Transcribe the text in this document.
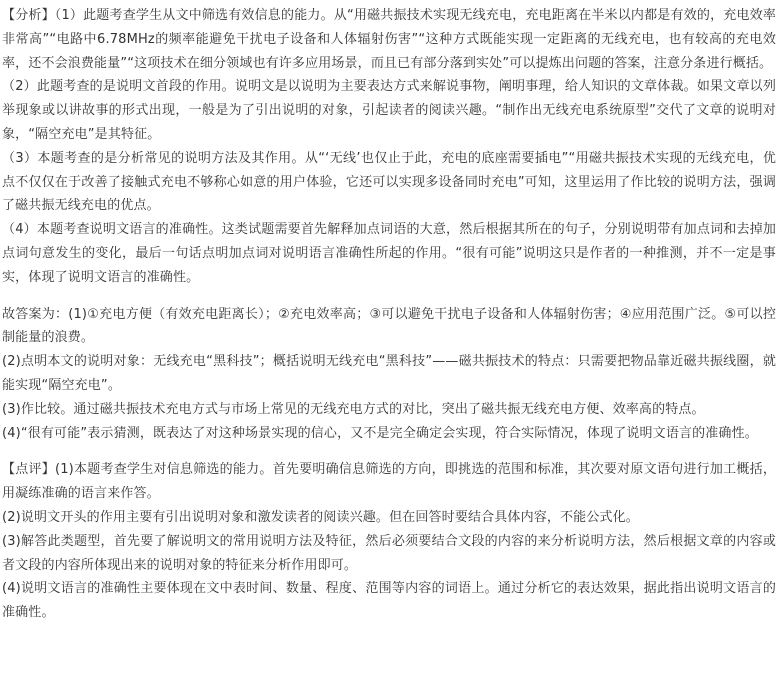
【分析】（1）此题考查学生从文中筛选有效信息的能力。从“用磁共振技术实现无线充电，充电距离在半米以内都是有效的，充电效率非常高”“电路中6.78MHz的频率能避免干扰电子设备和人体辐射伤害”“这种方式既能实现一定距离的无线充电，也有较高的充电效率，还不会浪费能量”“这项技术在细分领域也有许多应用场景，而且已有部分落到实处”可以提炼出问题的答案，注意分条进行概括。

（2）此题考查的是说明文首段的作用。说明文是以说明为主要表达方式来解说事物，阐明事理，给人知识的文章体裁。如果文章以列举现象或以讲故事的形式出现，一般是为了引出说明的对象，引起读者的阅读兴趣。“制作出无线充电系统原型”交代了文章的说明对象，“隔空充电”是其特征。

（3）本题考查的是分析常见的说明方法及其作用。从“‘无线’也仅止于此，充电的底座需要插电”“用磁共振技术实现的无线充电，优点不仅仅在于改善了接触式充电不够称心如意的用户体验，它还可以实现多设备同时充电”可知，这里运用了作比较的说明方法，强调了磁共振无线充电的优点。

（4）本题考查说明文语言的准确性。这类试题需要首先解释加点词语的大意，然后根据其所在的句子，分别说明带有加点词和去掉加点词句意发生的变化，最后一句话点明加点词对说明语言准确性所起的作用。“很有可能”说明这只是作者的一种推测，并不一定是事实，体现了说明文语言的准确性。

故答案为：(1)①充电方便（有效充电距离长）；②充电效率高；③可以避免干扰电子设备和人体辐射伤害；④应用范围广泛。⑤可以控制能量的浪费。

(2)点明本文的说明对象：无线充电“黑科技”；概括说明无线充电“黑科技”——磁共振技术的特点：只需要把物品靠近磁共振线圈，就能实现“隔空充电”。

(3)作比较。通过磁共振技术充电方式与市场上常见的无线充电方式的对比，突出了磁共振无线充电方便、效率高的特点。

(4)“很有可能”表示猜测，既表达了对这种场景实现的信心，又不是完全确定会实现，符合实际情况，体现了说明文语言的准确性。

【点评】(1)本题考查学生对信息筛选的能力。首先要明确信息筛选的方向，即挑选的范围和标准，其次要对原文语句进行加工概括，用凝练准确的语言来作答。

(2)说明文开头的作用主要有引出说明对象和激发读者的阅读兴趣。但在回答时要结合具体内容，不能公式化。

(3)解答此类题型，首先要了解说明文的常用说明方法及特征，然后必须要结合文段的内容的来分析说明方法，然后根据文章的内容或者文段的内容所体现出来的说明对象的特征来分析作用即可。

(4)说明文语言的准确性主要体现在文中表时间、数量、程度、范围等内容的词语上。通过分析它的表达效果，据此指出说明文语言的准确性。
